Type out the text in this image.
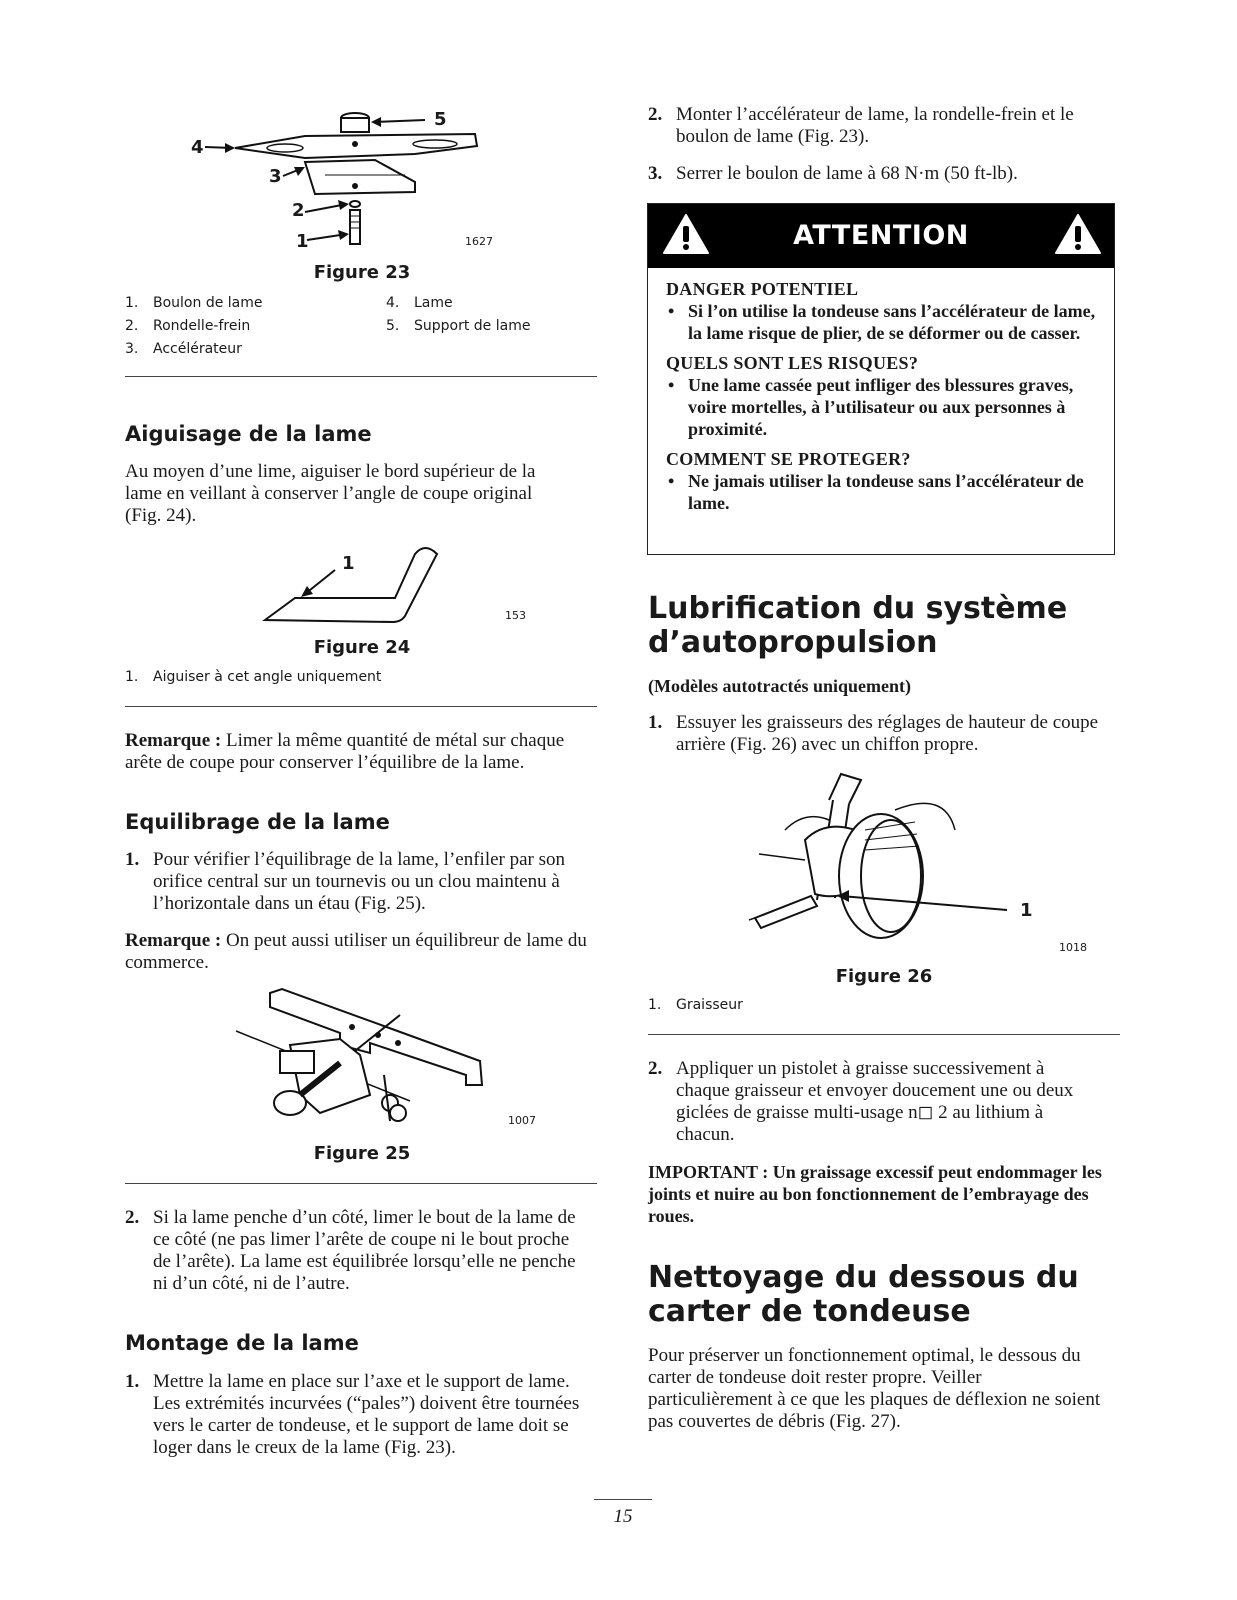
5
4
3
2
1	1627
Figure 23
1. Boulon de lame
2. Rondelle-frein
3. Accélérateur
4. Lame
5. Support de lame
Aiguisage de la lame

Au moyen d’une lime, aiguiser le bord supérieur de la lame en veillant à conserver l’angle de coupe original (Fig. 24).

1
153
Figure 24
1. Aiguiser à cet angle uniquement

Remarque : Limer la même quantité de métal sur chaque arête de coupe pour conserver l’équilibre de la lame.

Equilibrage de la lame
1. Pour vérifier l’équilibrage de la lame, l’enfiler par son orifice central sur un tournevis ou un clou maintenu à l’horizontale dans un étau (Fig. 25).

Remarque : On peut aussi utiliser un équilibreur de lame du commerce.

1007
Figure 25
2. Si la lame penche d’un côté, limer le bout de la lame de ce côté (ne pas limer l’arête de coupe ni le bout proche de l’arête). La lame est équilibrée lorsqu’elle ne penche ni d’un côté, ni de l’autre.
Montage de la lame
1. Mettre la lame en place sur l’axe et le support de lame. Les extrémités incurvées (“pales”) doivent être tournées vers le carter de tondeuse, et le support de lame doit se loger dans le creux de la lame (Fig. 23).
2. Monter l’accélérateur de lame, la rondelle-frein et le boulon de lame (Fig. 23).
3. Serrer le boulon de lame à 68 N·m (50 ft-lb).
ATTENTION
DANGER POTENTIEL
• Si l’on utilise la tondeuse sans l’accélérateur de lame, la lame risque de plier, de se déformer ou de casser.
QUELS SONT LES RISQUES?
• Une lame cassée peut infliger des blessures graves, voire mortelles, à l’utilisateur ou aux personnes à proximité.
COMMENT SE PROTEGER?
• Ne jamais utiliser la tondeuse sans l’accélérateur de lame.
Lubrification du système
d’autopropulsion
(Modèles autotractés uniquement)
1. Essuyer les graisseurs des réglages de hauteur de coupe arrière (Fig. 26) avec un chiffon propre.
1
1018
Figure 26
1. Graisseur
2. Appliquer un pistolet à graisse successivement à chaque graisseur et envoyer doucement une ou deux giclées de graisse multi-usage n◻ 2 au lithium à chacun.

IMPORTANT : Un graissage excessif peut endommager les joints et nuire au bon fonctionnement de l’embrayage des roues.

Nettoyage du dessous du
carter de tondeuse

Pour préserver un fonctionnement optimal, le dessous du carter de tondeuse doit rester propre. Veiller particulièrement à ce que les plaques de déflexion ne soient pas couvertes de débris (Fig. 27).

15
